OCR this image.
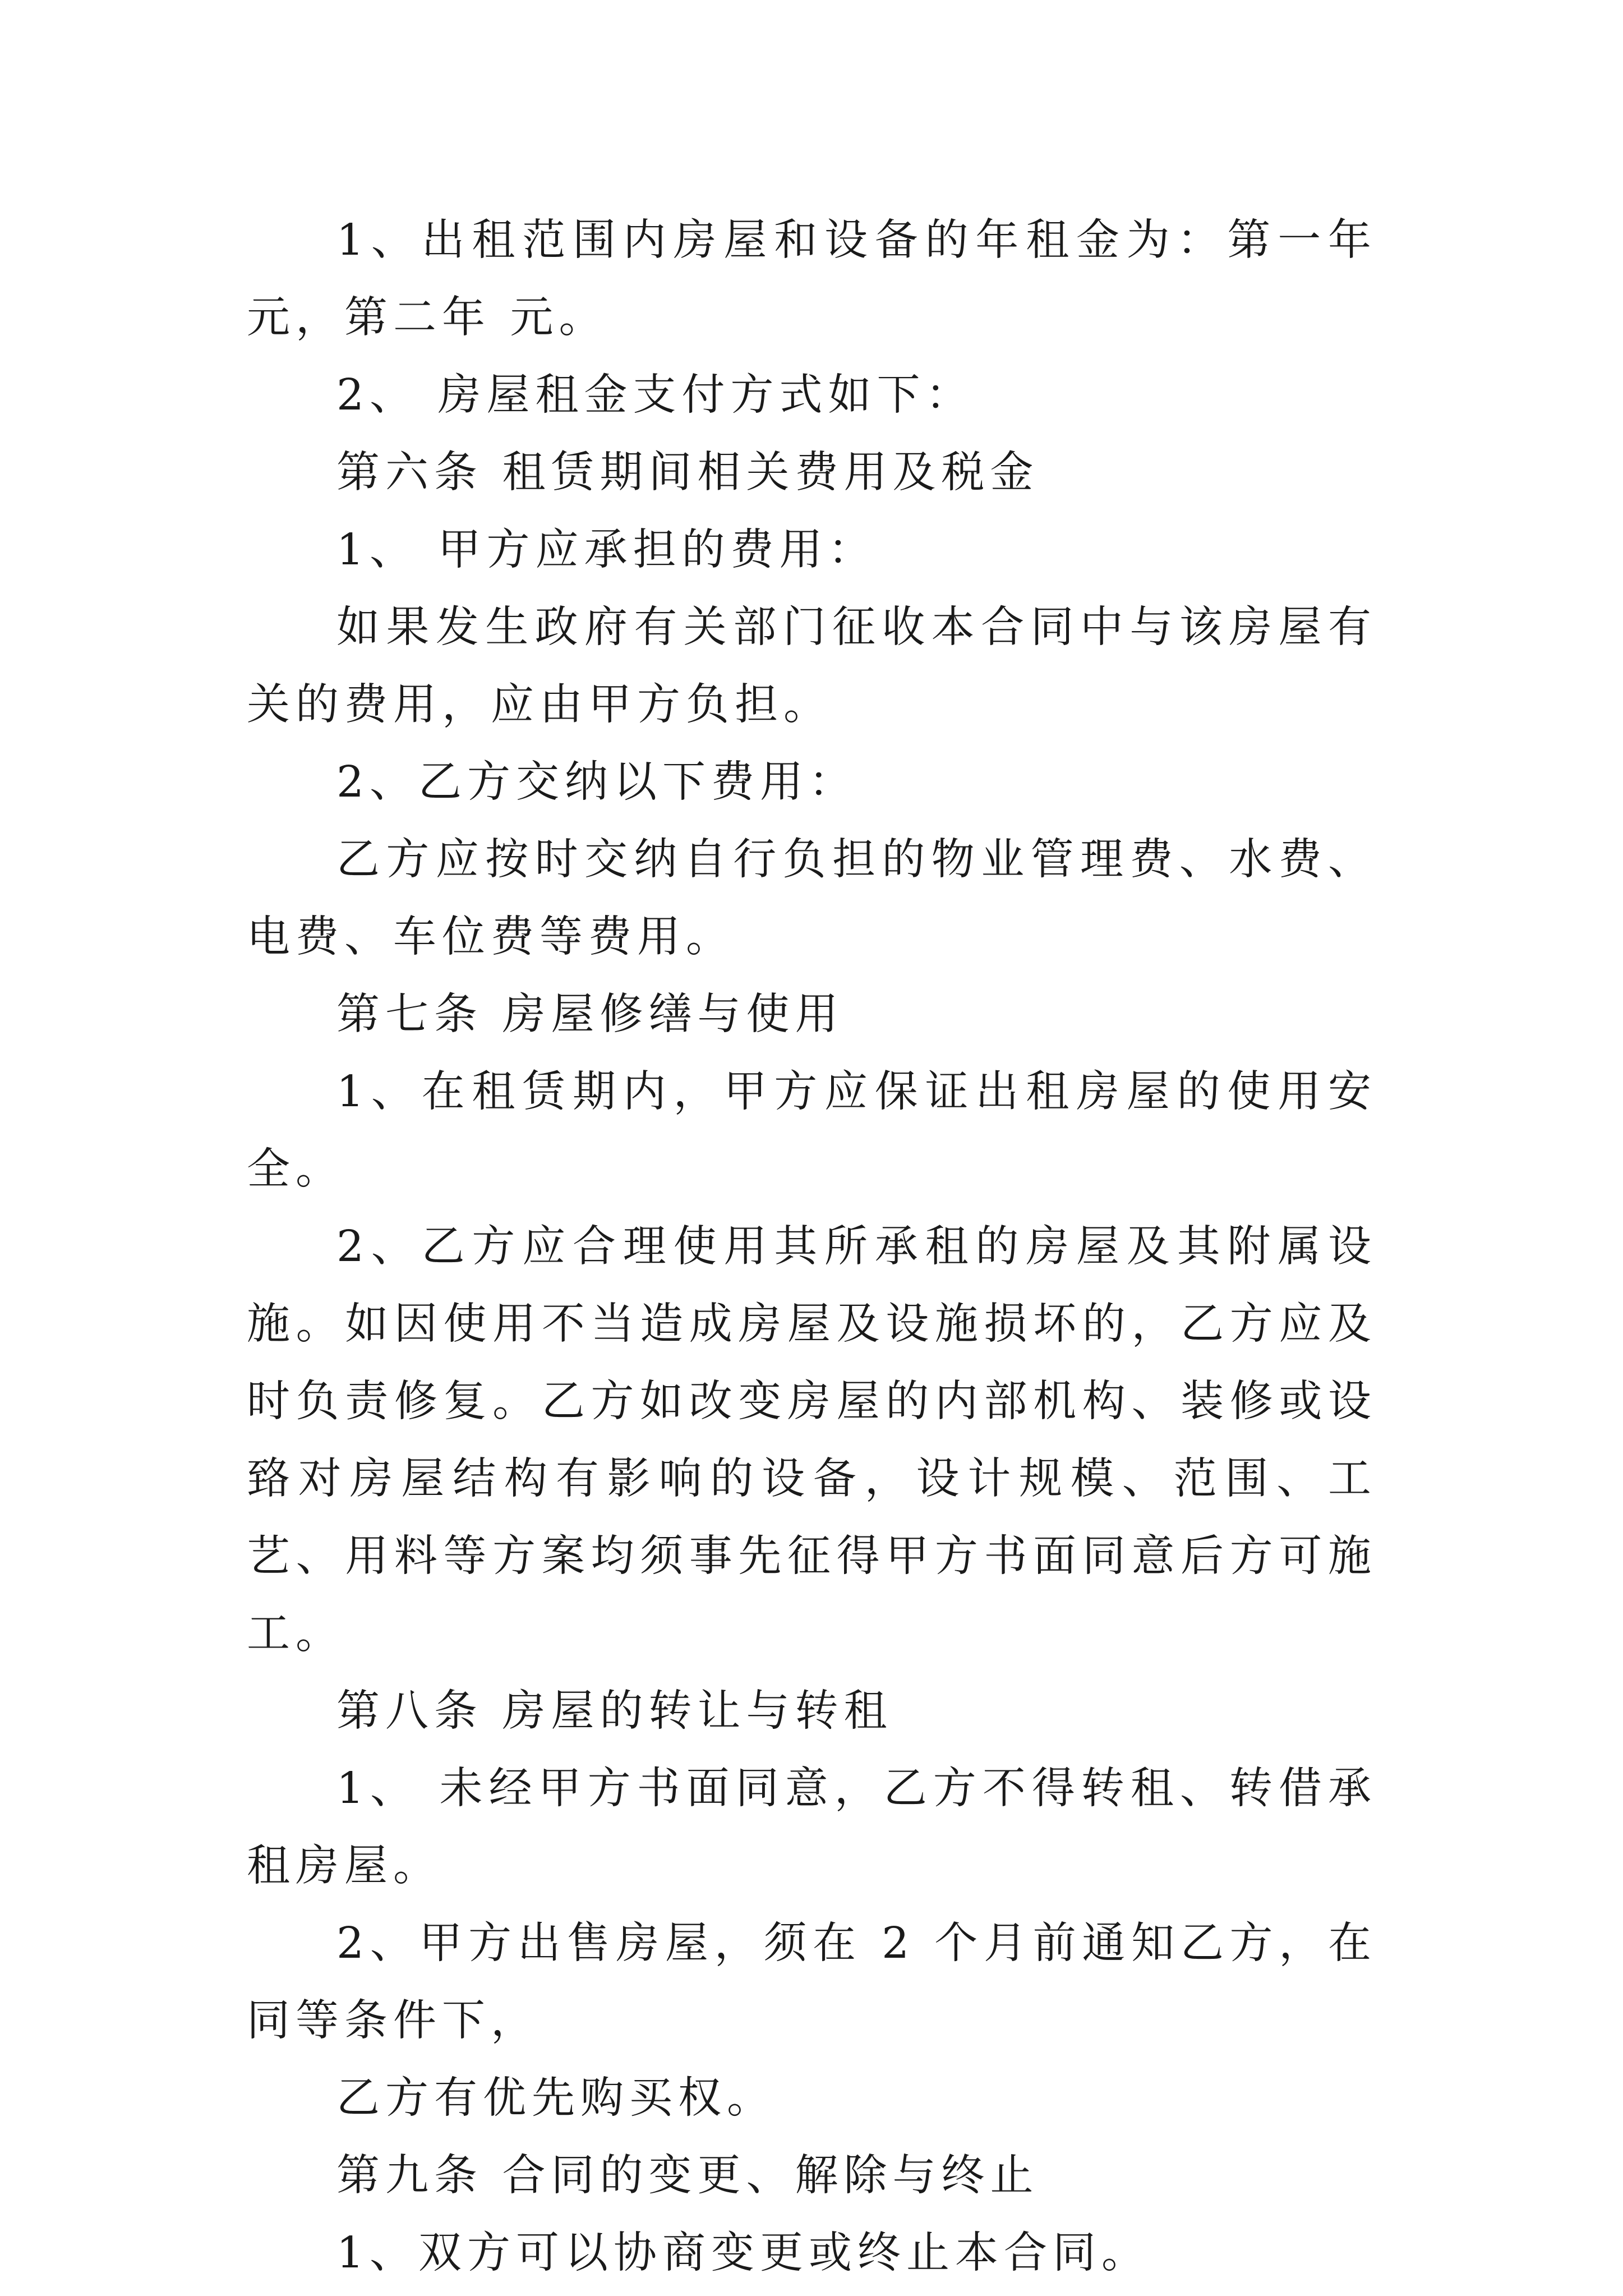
1、出租范围内房屋和设备的年租金为：第一年 元，第二年 元。

2、 房屋租金支付方式如下：

第六条 租赁期间相关费用及税金

1、 甲方应承担的费用：

如果发生政府有关部门征收本合同中与该房屋有关的费用，应由甲方负担。

2、乙方交纳以下费用：

乙方应按时交纳自行负担的物业管理费、水费、电费、车位费等费用。

第七条 房屋修缮与使用

1、在租赁期内，甲方应保证出租房屋的使用安全。

2、乙方应合理使用其所承租的房屋及其附属设施。如因使用不当造成房屋及设施损坏的，乙方应及时负责修复。乙方如改变房屋的内部机构、装修或设臵对房屋结构有影响的设备，设计规模、范围、工艺、用料等方案均须事先征得甲方书面同意后方可施工。

第八条 房屋的转让与转租

1、 未经甲方书面同意，乙方不得转租、转借承租房屋。

2、甲方出售房屋，须在 2 个月前通知乙方，在同等条件下，

乙方有优先购买权。

第九条 合同的变更、解除与终止

1、双方可以协商变更或终止本合同。
